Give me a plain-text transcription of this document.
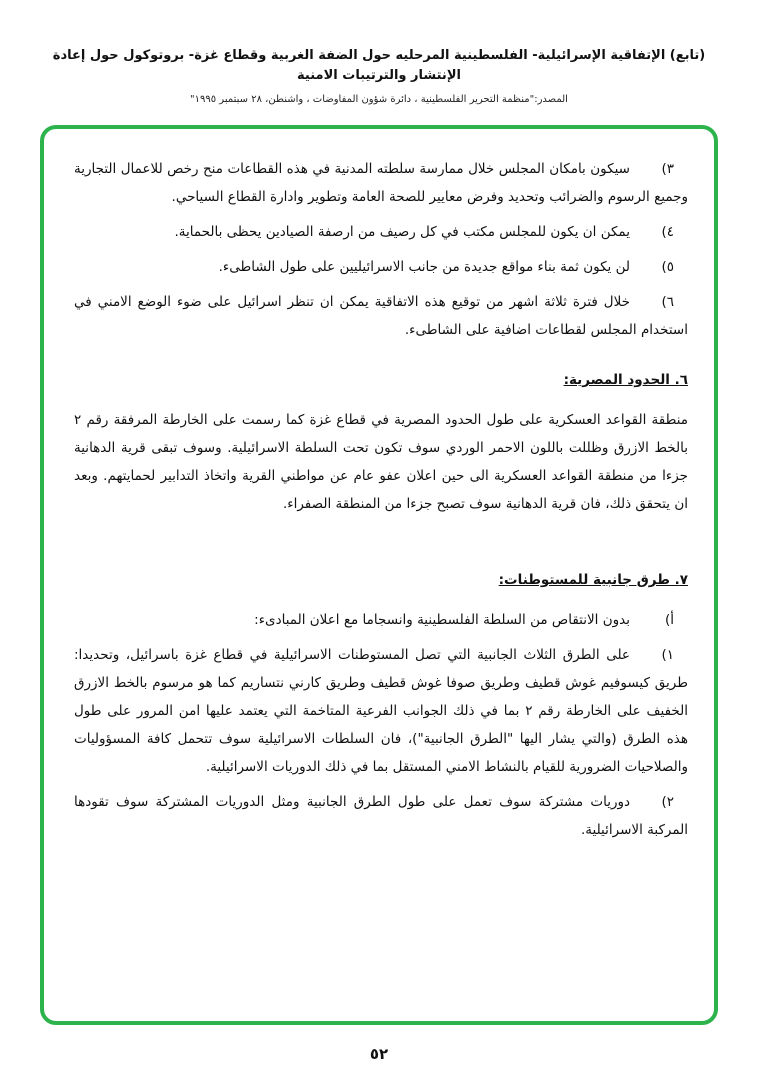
(تابع) الإتفاقية الإسرائيلية- الفلسطينية المرحليه حول الضفة الغربية وقطاع غزة- بروتوكول حول إعادة الإنتشار والترتيبات الامنية
المصدر:"منظمة التحرير الفلسطينية ، دائرة شؤون المفاوضات ، واشنطن، ٢٨ سبتمبر ١٩٩٥"

٣)
سيكون بامكان المجلس خلال ممارسة سلطته المدنية في هذه القطاعات منح رخص للاعمال التجارية وجميع الرسوم والضرائب وتحديد وفرض معايير للصحة العامة وتطوير وادارة القطاع السياحي.

٤)
يمكن ان يكون للمجلس مكتب في كل رصيف من ارصفة الصيادين يحظى بالحماية.

٥)
لن يكون ثمة بناء مواقع جديدة من جانب الاسرائيليين على طول الشاطىء.

٦)
خلال فترة ثلاثة اشهر من توقيع هذه الاتفاقية يمكن ان تنظر اسرائيل على ضوء الوضع الامني في استخدام المجلس لقطاعات اضافية على الشاطىء.

٦. الحدود المصرية:

منطقة القواعد العسكرية على طول الحدود المصرية في قطاع غزة كما رسمت على الخارطة المرفقة رقم ٢ بالخط الازرق وظللت باللون الاحمر الوردي سوف تكون تحت السلطة الاسرائيلية. وسوف تبقى قرية الدهانية جزءا من منطقة القواعد العسكرية الى حين اعلان عفو عام عن مواطني القرية واتخاذ التدابير لحمايتهم. وبعد ان يتحقق ذلك، فان قرية الدهانية سوف تصبح جزءا من المنطقة الصفراء.

٧. طرق جانبية للمستوطنات:

أ)
بدون الانتقاص من السلطة الفلسطينية وانسجاما مع اعلان المبادىء:

١)
على الطرق الثلاث الجانبية التي تصل المستوطنات الاسرائيلية في قطاع غزة باسرائيل، وتحديدا: طريق كيسوفيم غوش قطيف وطريق صوفا غوش قطيف وطريق كارني نتساريم كما هو مرسوم بالخط الازرق الخفيف على الخارطة رقم ٢ بما في ذلك الجوانب الفرعية المتاخمة التي يعتمد عليها امن المرور على طول هذه الطرق (والتي يشار اليها "الطرق الجانبية")، فان السلطات الاسرائيلية سوف تتحمل كافة المسؤوليات والصلاحيات الضرورية للقيام بالنشاط الامني المستقل بما في ذلك الدوريات الاسرائيلية.

٢)
دوريات مشتركة سوف تعمل على طول الطرق الجانبية ومثل الدوريات المشتركة سوف تقودها المركبة الاسرائيلية.

٥٢
